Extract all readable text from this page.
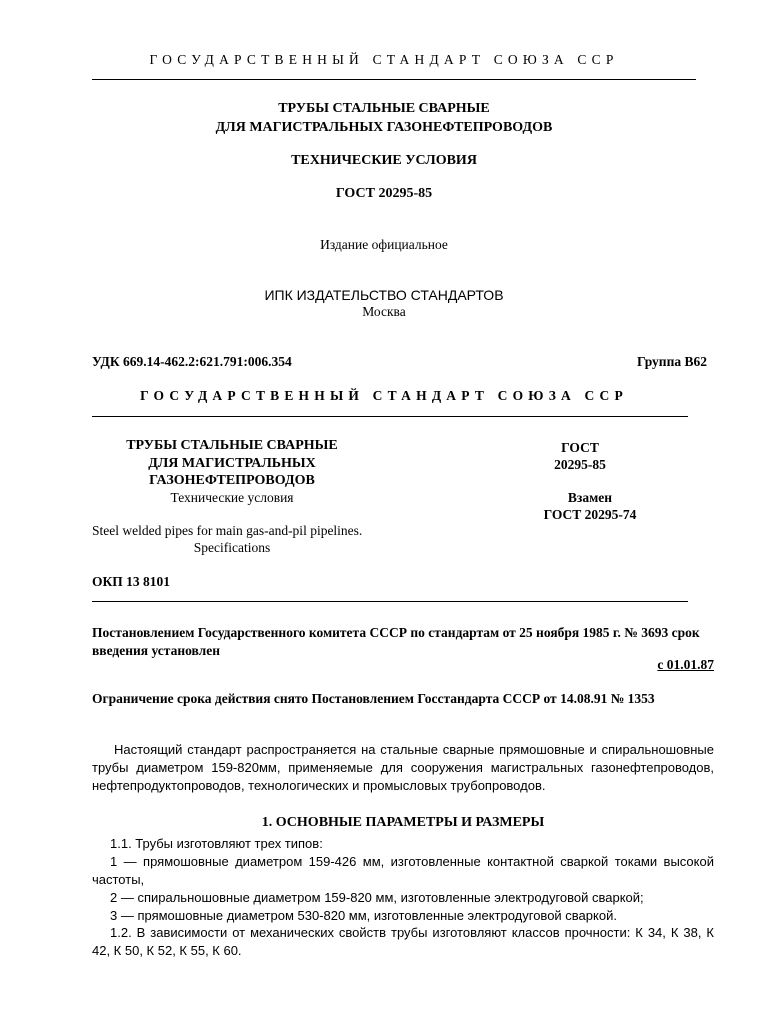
ГОСУДАРСТВЕННЫЙ СТАНДАРТ СОЮЗА ССР
ТРУБЫ СТАЛЬНЫЕ СВАРНЫЕ
ДЛЯ МАГИСТРАЛЬНЫХ ГАЗОНЕФТЕПРОВОДОВ
ТЕХНИЧЕСКИЕ УСЛОВИЯ
ГОСТ 20295-85
Издание официальное
ИПК ИЗДАТЕЛЬСТВО СТАНДАРТОВ
Москва
УДК 669.14-462.2:621.791:006.354	Группа В62
ГОСУДАРСТВЕННЫЙ СТАНДАРТ СОЮЗА ССР
ТРУБЫ СТАЛЬНЫЕ СВАРНЫЕ
ДЛЯ МАГИСТРАЛЬНЫХ
ГАЗОНЕФТЕПРОВОДОВ
Технические условия
Steel welded pipes for main gas-and-pil pipelines.
Specifications
ГОСТ
20295-85
Взамен
ГОСТ 20295-74
ОКП 13 8101
Постановлением Государственного комитета СССР по стандартам от 25 ноября 1985 г. № 3693 срок введения установлен
с 01.01.87
Ограничение срока действия снято Постановлением Госстандарта СССР от 14.08.91 № 1353

Настоящий стандарт распространяется на стальные сварные прямошовные и спиральношовные трубы диаметром 159-820мм, применяемые для сооружения магистральных газонефтепроводов, нефтепродуктопроводов, технологических и промысловых трубопроводов.

1. ОСНОВНЫЕ ПАРАМЕТРЫ И РАЗМЕРЫ

1.1. Трубы изготовляют трех типов:

1 — прямошовные диаметром 159-426 мм, изготовленные контактной сваркой токами высокой частоты,

2 — спиральношовные диаметром 159-820 мм, изготовленные электродуговой сваркой;

3 — прямошовные диаметром 530-820 мм, изготовленные электродуговой сваркой.

1.2. В зависимости от механических свойств трубы изготовляют классов прочности: К 34, К 38, К 42, К 50, К 52, К 55, К 60.
